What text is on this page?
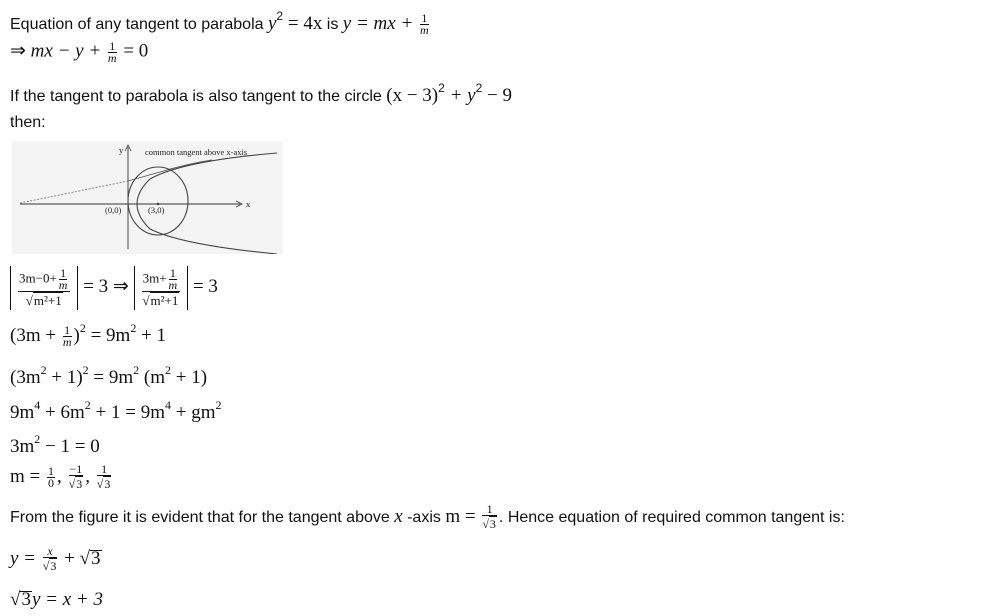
Equation of any tangent to parabola $y^2 = 4x$ is y = mx + $\frac{1}{m}$
⇒ mx − $y + \frac{1}{m} = 0$
If the tangent to parabola is also tangent to the circle $(x - 3)^2 + y^2 - 9$
then:
y
x
common tangent above x-axis
(0,0)	(3,0)
$\frac{3m-0+ \frac{1}{m}}{\text{√m²+1}} = 3$ ⇒ $\frac{3m+ \frac{1}{m}}{\text{√m²+1}} = 3$
$(3m + \frac{1}{m} )^2 = 9m^2 + 1$
$(3m^2 + 1)^2 = 9m^2$ $(m^2 + 1)$
$9m^4 + 6m^2 + 1 = 9m^4 + gm^2$
$3m^2 - 1 = 0$
$m = \frac{1}{0}$ , $\frac{-1}{√3}$ , $\frac{1}{√3}$
From the figure it is evident that for the tangent above x -axis $m = \frac{1}{√3}$ . Hence equation of required common tangent is:
$y = \frac{x}{√3} + √3$
√3y = x + 3
